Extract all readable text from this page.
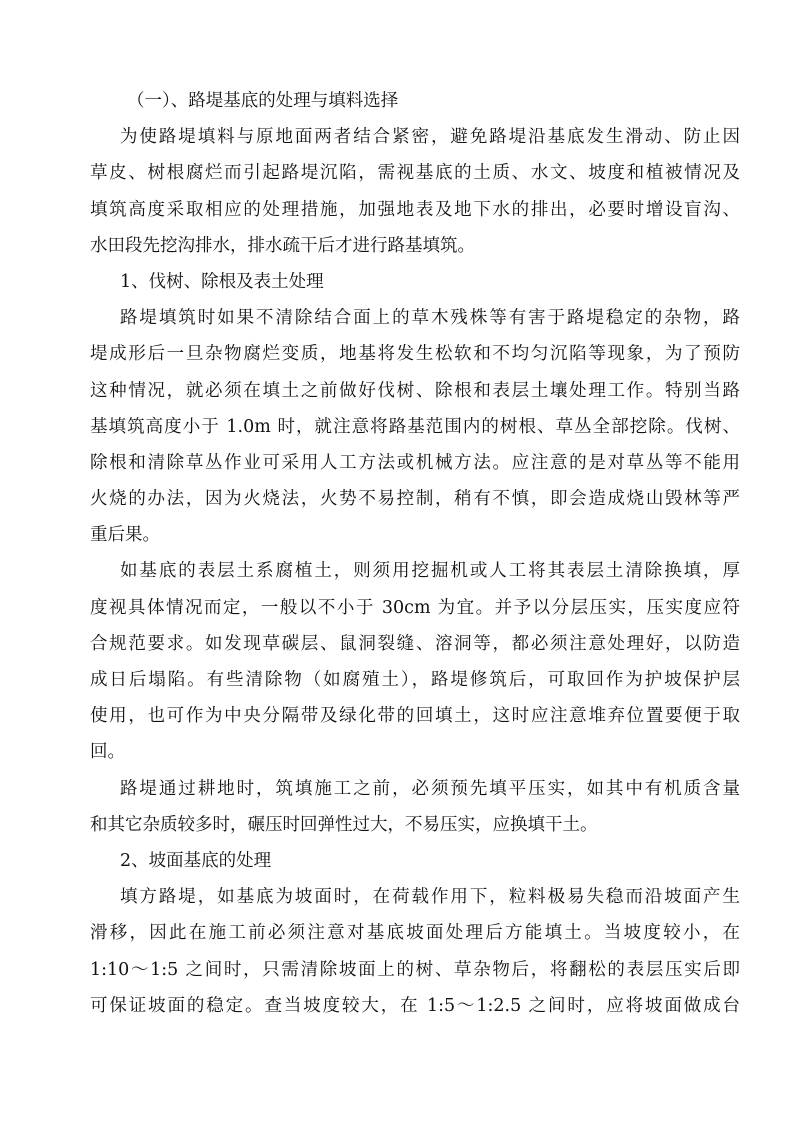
（一）、路堤基底的处理与填料选择
为使路堤填料与原地面两者结合紧密，避免路堤沿基底发生滑动、防止因
草皮、树根腐烂而引起路堤沉陷，需视基底的土质、水文、坡度和植被情况及
填筑高度采取相应的处理措施，加强地表及地下水的排出，必要时增设盲沟、
水田段先挖沟排水，排水疏干后才进行路基填筑。
1、伐树、除根及表土处理
路堤填筑时如果不清除结合面上的草木残株等有害于路堤稳定的杂物，路
堤成形后一旦杂物腐烂变质，地基将发生松软和不均匀沉陷等现象，为了预防
这种情况，就必须在填土之前做好伐树、除根和表层土壤处理工作。特别当路
基填筑高度小于 1.0m 时，就注意将路基范围内的树根、草丛全部挖除。伐树、
除根和清除草丛作业可采用人工方法或机械方法。应注意的是对草丛等不能用
火烧的办法，因为火烧法，火势不易控制，稍有不慎，即会造成烧山毁林等严
重后果。
如基底的表层土系腐植土，则须用挖掘机或人工将其表层土清除换填，厚
度视具体情况而定，一般以不小于 30cm 为宜。并予以分层压实，压实度应符
合规范要求。如发现草碳层、鼠洞裂缝、溶洞等，都必须注意处理好，以防造
成日后塌陷。有些清除物（如腐殖土），路堤修筑后，可取回作为护坡保护层
使用，也可作为中央分隔带及绿化带的回填土，这时应注意堆弃位置要便于取
回。
路堤通过耕地时，筑填施工之前，必须预先填平压实，如其中有机质含量
和其它杂质较多时，碾压时回弹性过大，不易压实，应换填干土。
2、坡面基底的处理
填方路堤，如基底为坡面时，在荷载作用下，粒料极易失稳而沿坡面产生
滑移，因此在施工前必须注意对基底坡面处理后方能填土。当坡度较小，在
1:10～1:5 之间时，只需清除坡面上的树、草杂物后，将翻松的表层压实后即
可保证坡面的稳定。查当坡度较大，在 1:5～1:2.5 之间时，应将坡面做成台
